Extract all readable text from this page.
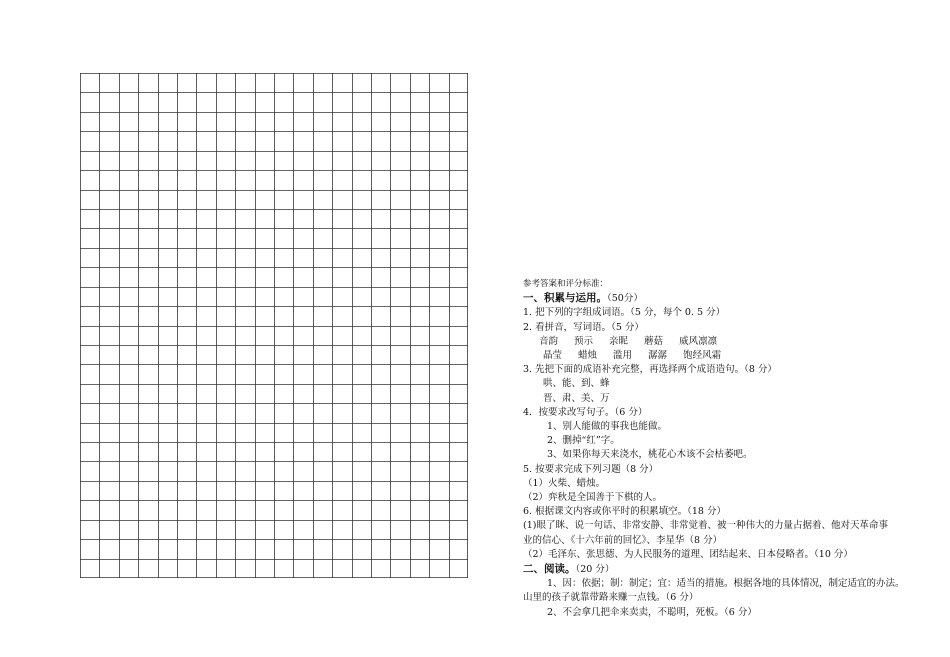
参考答案和评分标准：
一、积累与运用。（50分）
1. 把下列的字组成词语。（5 分，每个 0. 5 分）
2. 看拼音，写词语。（5 分）
音韵 预示 亲昵 蘑菇 威风凛凛
晶莹 蜡烛 滥用 潺潺 饱经风霜
3. 先把下面的成语补充完整，再选择两个成语造句。（8 分）
哄、能、到、蜂
晋、肃、美、万
4．按要求改写句子。（6 分）
1、别人能做的事我也能做。
2、删掉“红”字。
3、如果你每天来浇水，桃花心木该不会枯萎吧。
5. 按要求完成下列习题（8 分）
（1）火柴、蜡烛。
（2）弈秋是全国善于下棋的人。
6. 根据课文内容或你平时的积累填空。（18 分）
(1)眼了眯、说一句话、非常安静、非常觉着、被一种伟大的力量占据着、他对天革命事
业的信心、《十六年前的回忆》、李星华（8 分）
（2）毛泽东、张思德、为人民服务的道理、团结起来、日本侵略者。（10 分）
二、阅读。（20 分）
1、因：依据；制：制定；宜：适当的措施。根据各地的具体情况，制定适宜的办法。
山里的孩子就靠带路来赚一点钱。（6 分）
2、不会拿几把伞来卖卖，不聪明，死板。（6 分）
